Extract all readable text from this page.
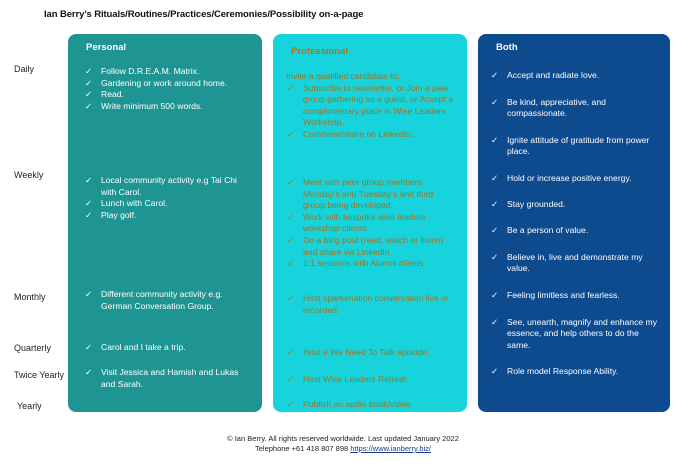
Ian Berry’s Rituals/Routines/Practices/Ceremonies/Possibility on-a-page
Daily
Weekly
Monthly
Quarterly
Twice Yearly
Yearly
Personal
✓ Follow D.R.E.A.M. Matrix.
✓ Gardening or work around home.
✓ Read.
✓ Write minimum 500 words.
✓ Local community activity e.g Tai Chi with Carol.
✓ Lunch with Carol.
✓ Play golf.
✓ Different community activity e.g. German Conversation Group.
✓ Carol and I take a trip.
✓ Visit Jessica and Hamish and Lukas and Sarah.
Professional
Invite a qualified candidate to:
✓ Subscribe to newsletter, or Join a peer group gathering as a guest, or Accept a complimentary place in Wise Leaders Workshop.
✓ Comment/share on LinkedIn.
✓ Meet with peer group members Monday’s and Tuesday’s and third group being developed.
✓ Work with bespoke wise leaders workshop clients.
✓ Do a blog post (read, watch or listen) and share via LinkedIn
✓ 1:1 sessions with Alumni clients.
✓ Host sparkenation conversation live or recorded.
✓ Host a We Need To Talk episode.
✓ Host Wise Leaders Retreat.
✓ Publish an audio book/video.
Both
✓ Accept and radiate love.
✓ Be kind, appreciative, and compassionate.
✓ Ignite attitude of gratitude from power place.
✓ Hold or increase positive energy.
✓ Stay grounded.
✓ Be a person of value.
✓ Believe in, live and demonstrate my value.
✓ Feeling limitless and fearless.
✓ See, unearth, magnify and enhance my essence, and help others to do the same.
✓ Role model Response Ability.
© Ian Berry. All rights reserved worldwide. Last updated January 2022
Telephone +61 418 807 898 https://www.ianberry.biz/
